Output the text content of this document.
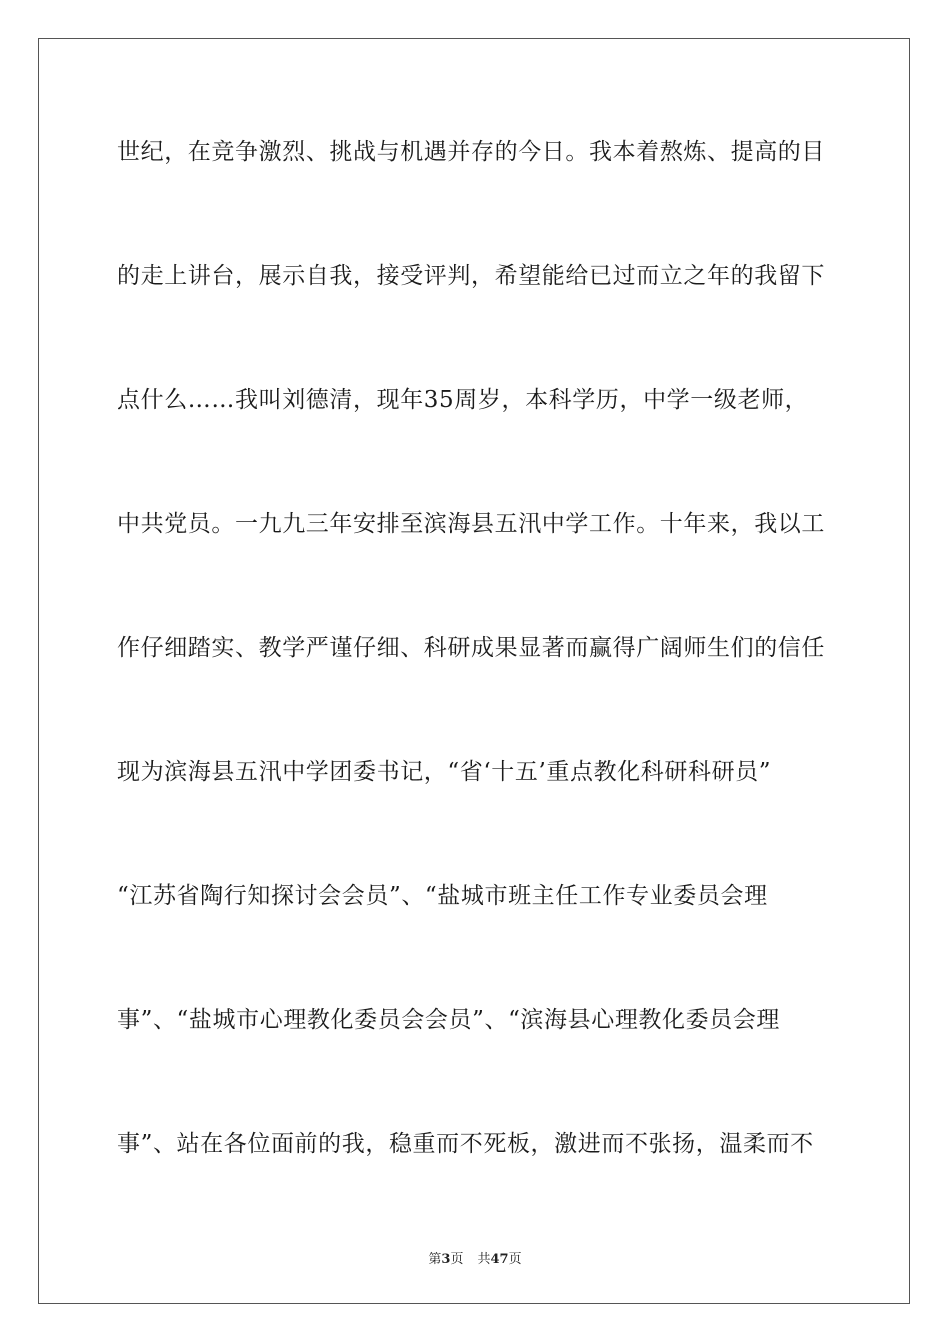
世纪，在竞争激烈、挑战与机遇并存的今日。我本着熬炼、提高的目
的走上讲台，展示自我，接受评判，希望能给已过而立之年的我留下
点什么……我叫刘德清，现年35周岁，本科学历，中学一级老师，
中共党员。一九九三年安排至滨海县五汛中学工作。十年来，我以工
作仔细踏实、教学严谨仔细、科研成果显著而赢得广阔师生们的信任
现为滨海县五汛中学团委书记，“省‘十五’重点教化科研科研员”
“江苏省陶行知探讨会会员”、“盐城市班主任工作专业委员会理
事”、“盐城市心理教化委员会会员”、“滨海县心理教化委员会理
事”、站在各位面前的我，稳重而不死板，激进而不张扬，温柔而不
第3页 共47页
